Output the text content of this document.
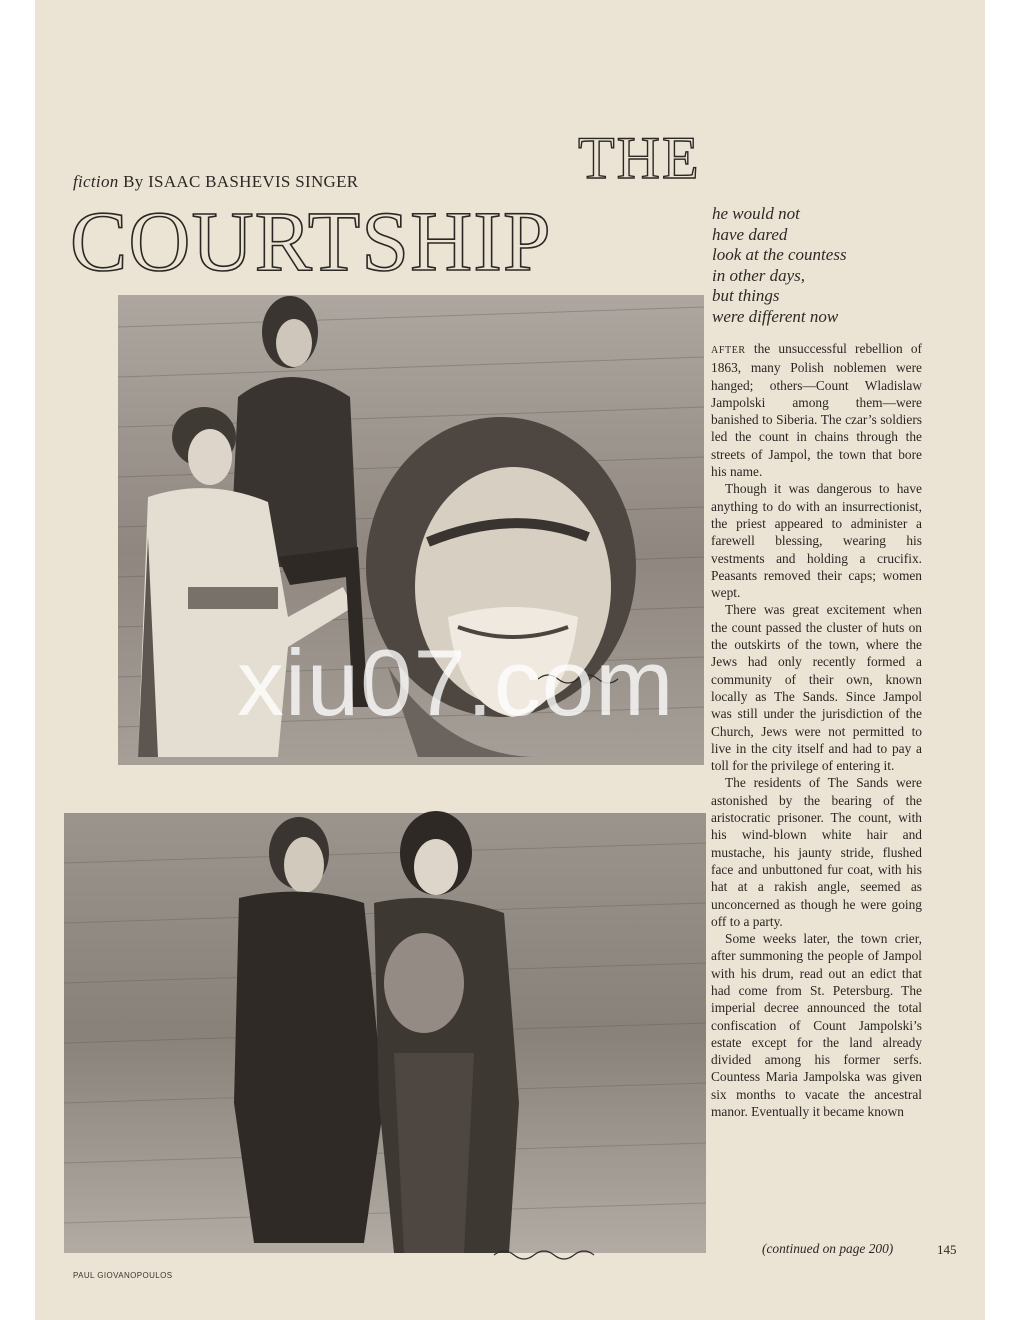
fiction By ISAAC BASHEVIS SINGER	THE
COURTSHIP	he would not
have dared
look at the countess
in other days,
but things
were different now

AFTER the unsuccessful rebellion of 1863, many Polish noblemen were hanged; others—Count Wladislaw Jampolski among them—were banished to Siberia. The czar’s soldiers led the count in chains through the streets of Jampol, the town that bore his name.

Though it was dangerous to have anything to do with an insurrectionist, the priest appeared to administer a farewell blessing, wearing his vestments and holding a crucifix. Peasants removed their caps; women wept.

There was great excitement when the count passed the cluster of huts on the outskirts of the town, where the Jews had only recently formed a community of their own, known locally as The Sands. Since Jampol was still under the jurisdiction of the Church, Jews were not permitted to live in the city itself and had to pay a toll for the privilege of entering it.

The residents of The Sands were astonished by the bearing of the aristocratic prisoner. The count, with his wind-blown white hair and mustache, his jaunty stride, flushed face and unbuttoned fur coat, with his hat at a rakish angle, seemed as unconcerned as though he were going off to a party.

Some weeks later, the town crier, after summoning the people of Jampol with his drum, read out an edict that had come from St. Petersburg. The imperial decree announced the total confiscation of Count Jampolski’s estate except for the land already divided among his former serfs. Countess Maria Jampolska was given six months to vacate the ancestral manor. Eventually it became known

(continued on page 200)	145
PAUL GIOVANOPOULOS
xiu07.com
